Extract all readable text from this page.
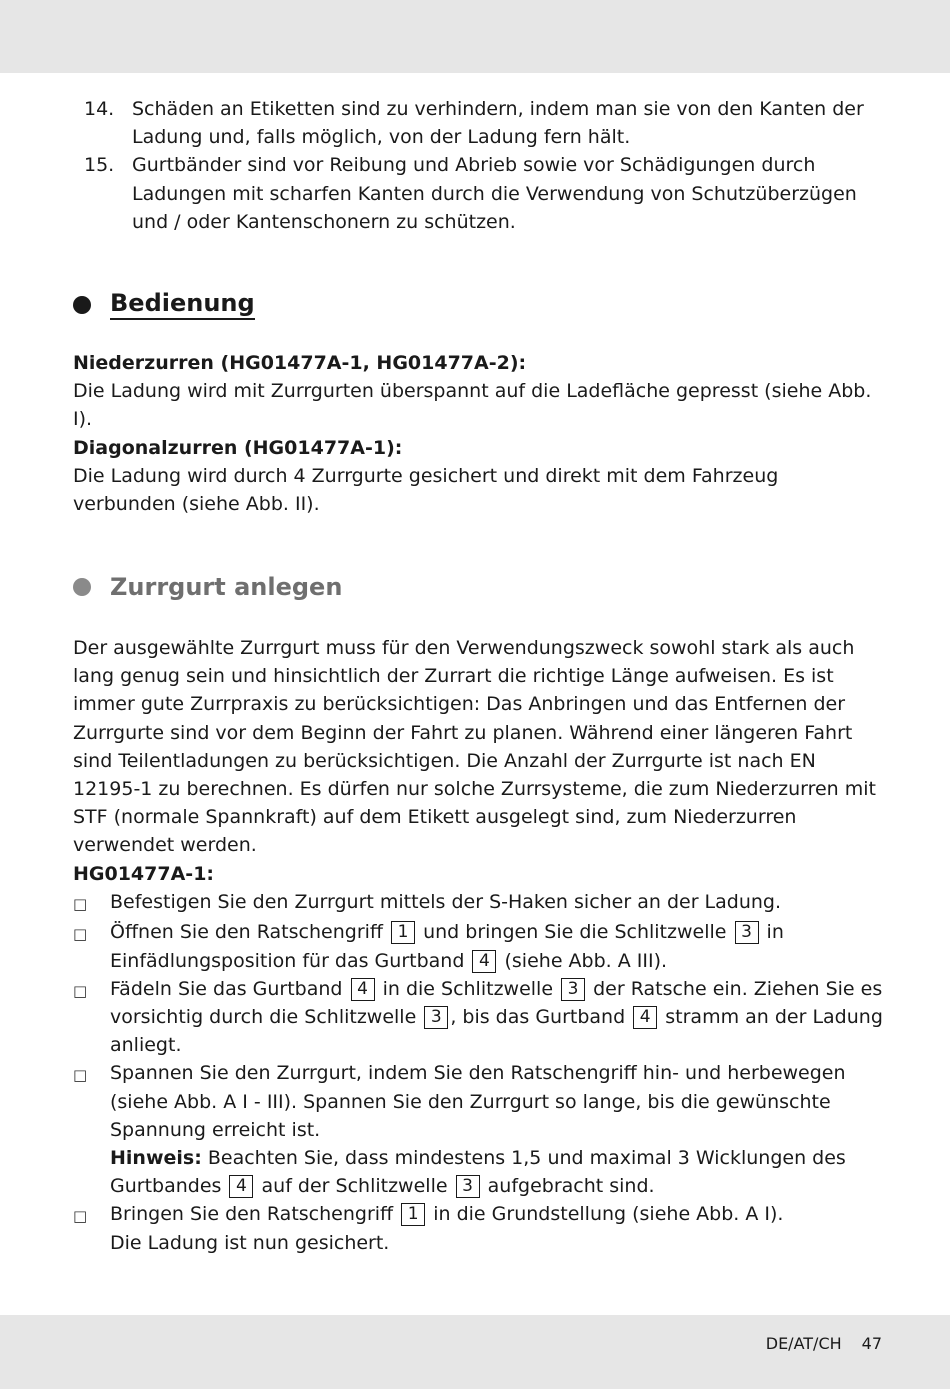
14. Schäden an Etiketten sind zu verhindern, indem man sie von den Kanten der Ladung und, falls möglich, von der Ladung fern hält.
15. Gurtbänder sind vor Reibung und Abrieb sowie vor Schädigungen durch Ladungen mit scharfen Kanten durch die Verwendung von Schutzüberzügen und / oder Kantenschonern zu schützen.
Bedienung
Niederzurren (HG01477A-1, HG01477A-2):
Die Ladung wird mit Zurrgurten überspannt auf die Ladefläche gepresst (siehe Abb. I).
Diagonalzurren (HG01477A-1):
Die Ladung wird durch 4 Zurrgurte gesichert und direkt mit dem Fahrzeug verbunden (siehe Abb. II).
Zurrgurt anlegen
Der ausgewählte Zurrgurt muss für den Verwendungszweck sowohl stark als auch lang genug sein und hinsichtlich der Zurrart die richtige Länge aufweisen. Es ist immer gute Zurrpraxis zu berücksichtigen: Das Anbringen und das Entfernen der Zurrgurte sind vor dem Beginn der Fahrt zu planen. Während einer längeren Fahrt sind Teilentladungen zu berücksichtigen. Die Anzahl der Zurrgurte ist nach EN 12195-1 zu berechnen. Es dürfen nur solche Zurrsysteme, die zum Niederzurren mit STF (normale Spannkraft) auf dem Etikett ausgelegt sind, zum Niederzurren verwendet werden.
HG01477A-1:
□	Befestigen Sie den Zurrgurt mittels der S-Haken sicher an der Ladung.
□	Öffnen Sie den Ratschengriff 1 und bringen Sie die Schlitzwelle 3 in Einfädlungsposition für das Gurtband 4 (siehe Abb. A III).
□	Fädeln Sie das Gurtband 4 in die Schlitzwelle 3 der Ratsche ein. Ziehen Sie es vorsichtig durch die Schlitzwelle 3 , bis das Gurtband 4 stramm an der Ladung anliegt.
□	Spannen Sie den Zurrgurt, indem Sie den Ratschengriff hin- und herbewegen (siehe Abb. A I - III). Spannen Sie den Zurrgurt so lange, bis die gewünschte Spannung erreicht ist.
Hinweis: Beachten Sie, dass mindestens 1,5 und maximal 3 Wicklungen des Gurtbandes 4 auf der Schlitzwelle 3 aufgebracht sind.
□	Bringen Sie den Ratschengriff 1 in die Grundstellung (siehe Abb. A I).
Die Ladung ist nun gesichert.
DE/AT/CH 47
